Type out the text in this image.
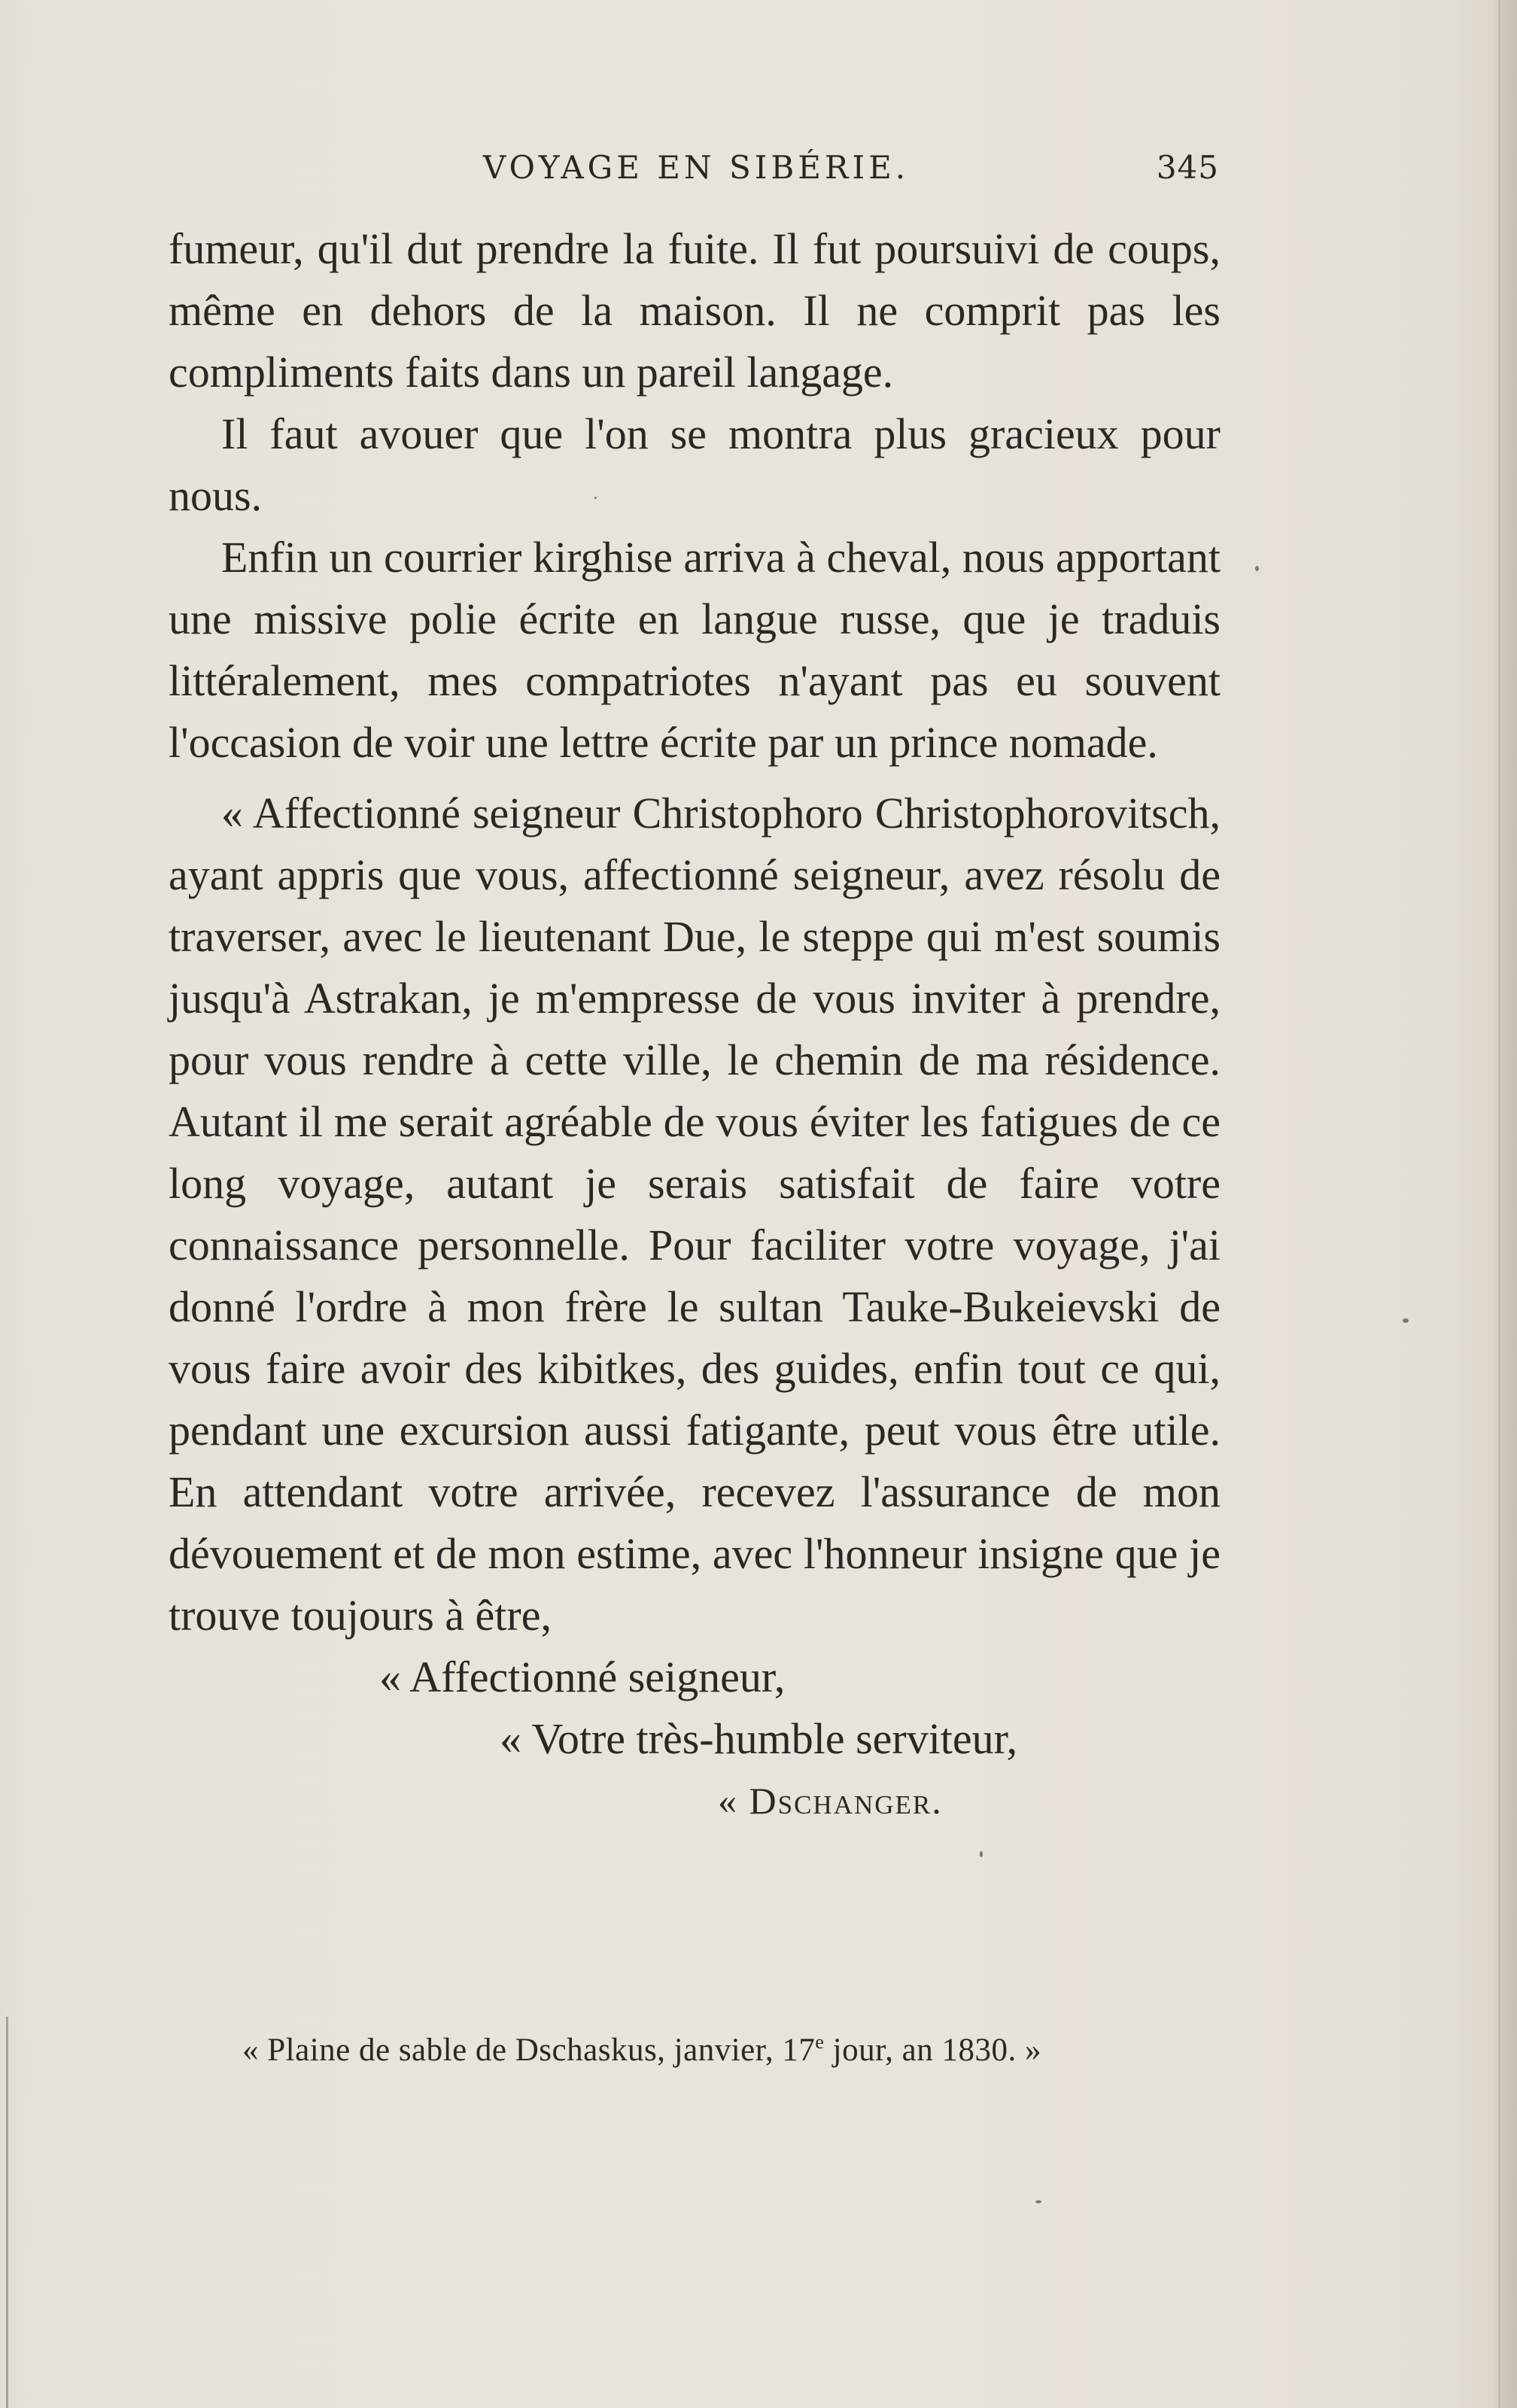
VOYAGE EN SIBÉRIE.	345

fumeur, qu'il dut prendre la fuite. Il fut poursuivi de coups, même en dehors de la maison. Il ne comprit pas les compliments faits dans un pareil langage.

Il faut avouer que l'on se montra plus gracieux pour nous.

Enfin un courrier kirghise arriva à cheval, nous apportant une missive polie écrite en langue russe, que je traduis littéralement, mes compatriotes n'ayant pas eu souvent l'occasion de voir une lettre écrite par un prince nomade.

« Affectionné seigneur Christophoro Christophorovitsch, ayant appris que vous, affectionné seigneur, avez résolu de traverser, avec le lieutenant Due, le steppe qui m'est soumis jusqu'à Astrakan, je m'empresse de vous inviter à prendre, pour vous rendre à cette ville, le chemin de ma résidence. Autant il me serait agréable de vous éviter les fatigues de ce long voyage, autant je serais satisfait de faire votre connaissance personnelle. Pour faciliter votre voyage, j'ai donné l'ordre à mon frère le sultan Tauke-Bukeievski de vous faire avoir des kibitkes, des guides, enfin tout ce qui, pendant une excursion aussi fatigante, peut vous être utile. En attendant votre arrivée, recevez l'assurance de mon dévouement et de mon estime, avec l'honneur insigne que je trouve toujours à être,

« Affectionné seigneur,

« Votre très-humble serviteur,

« Dschanger.

« Plaine de sable de Dschaskus, janvier, 17e jour, an 1830. »
